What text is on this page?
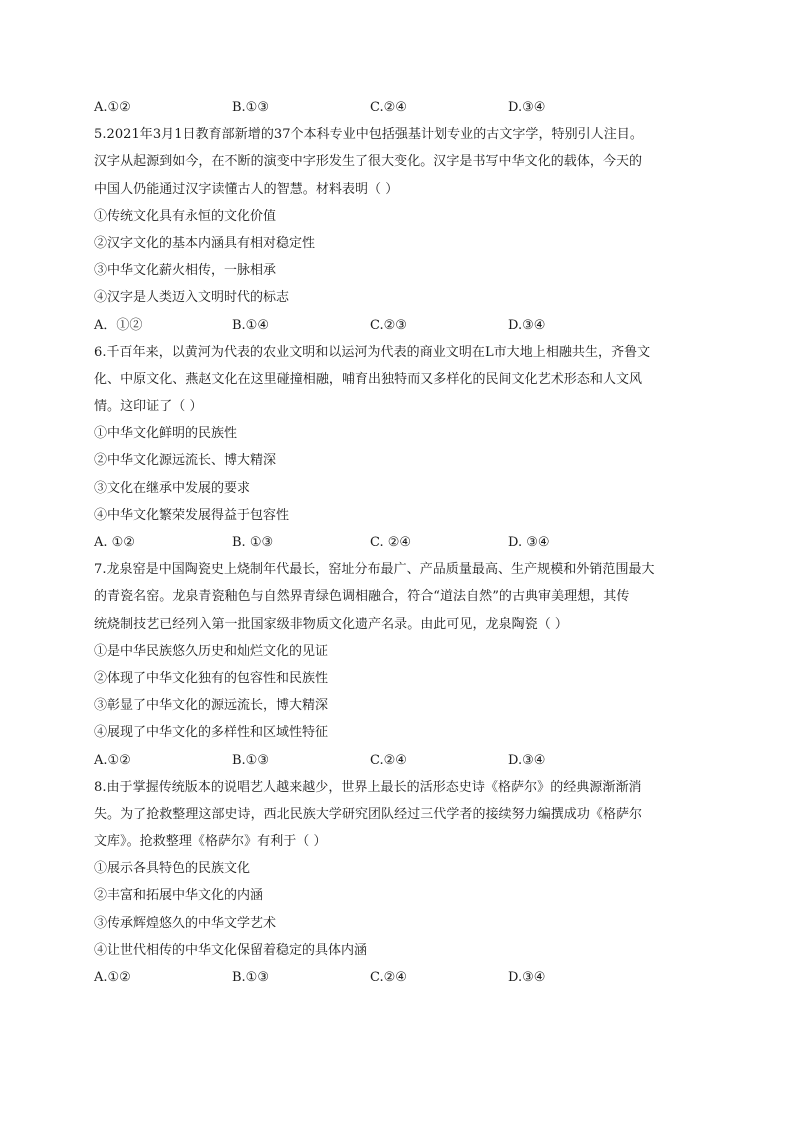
A.①②	B.①③	C.②④	D.③④
5.2021年3月1日教育部新增的37个本科专业中包括强基计划专业的古文字学，特别引人注目。
汉字从起源到如今，在不断的演变中字形发生了很大变化。汉字是书写中华文化的载体，今天的
中国人仍能通过汉字读懂古人的智慧。材料表明（ ）
①传统文化具有永恒的文化价值
②汉字文化的基本内涵具有相对稳定性
③中华文化薪火相传，一脉相承
④汉字是人类迈入文明时代的标志
A．①②	B.①④	C.②③	D.③④
6.千百年来，以黄河为代表的农业文明和以运河为代表的商业文明在L市大地上相融共生，齐鲁文
化、中原文化、燕赵文化在这里碰撞相融，哺育出独特而又多样化的民间文化艺术形态和人文风
情。这印证了（ ）
①中华文化鲜明的民族性
②中华文化源远流长、博大精深
③文化在继承中发展的要求
④中华文化繁荣发展得益于包容性
A. ①②	B. ①③	C. ②④	D. ③④
7.龙泉窑是中国陶瓷史上烧制年代最长，窑址分布最广、产品质量最高、生产规模和外销范围最大
的青瓷名窑。龙泉青瓷釉色与自然界青绿色调相融合，符合“道法自然”的古典审美理想，其传
统烧制技艺已经列入第一批国家级非物质文化遗产名录。由此可见，龙泉陶瓷（ ）
①是中华民族悠久历史和灿烂文化的见证
②体现了中华文化独有的包容性和民族性
③彰显了中华文化的源远流长，博大精深
④展现了中华文化的多样性和区域性特征
A.①②	B.①③	C.②④	D.③④
8.由于掌握传统版本的说唱艺人越来越少，世界上最长的活形态史诗《格萨尔》的经典源渐渐消
失。为了抢救整理这部史诗，西北民族大学研究团队经过三代学者的接续努力编撰成功《格萨尔
文库》。抢救整理《格萨尔》有利于（ ）
①展示各具特色的民族文化
②丰富和拓展中华文化的内涵
③传承辉煌悠久的中华文学艺术
④让世代相传的中华文化保留着稳定的具体内涵
A.①②	B.①③	C.②④	D.③④
